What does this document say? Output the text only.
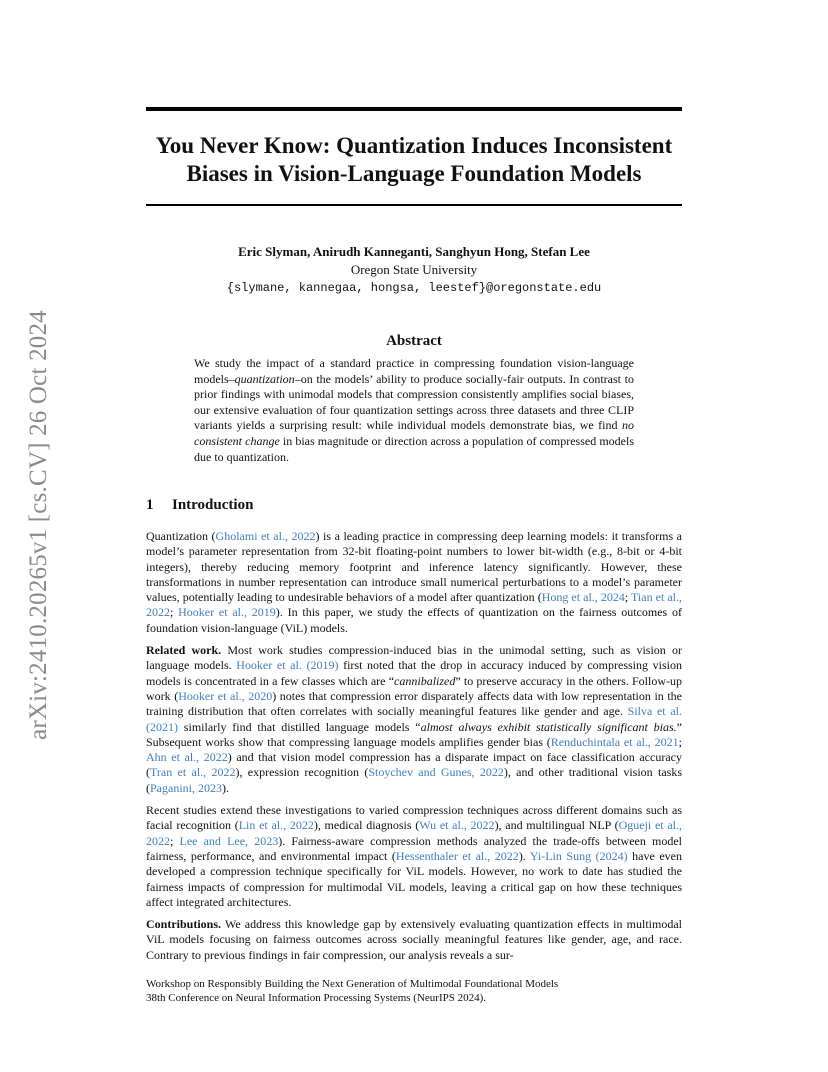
arXiv:2410.20265v1 [cs.CV] 26 Oct 2024
You Never Know: Quantization Induces Inconsistent
Biases in Vision-Language Foundation Models
Eric Slyman, Anirudh Kanneganti, Sanghyun Hong, Stefan Lee
Oregon State University
{slymane, kannegaa, hongsa, leestef}@oregonstate.edu
Abstract

We study the impact of a standard practice in compressing foundation vision-language models–quantization–on the models’ ability to produce socially-fair outputs. In contrast to prior findings with unimodal models that compression consistently amplifies social biases, our extensive evaluation of four quantization settings across three datasets and three CLIP variants yields a surprising result: while individual models demonstrate bias, we find no consistent change in bias magnitude or direction across a population of compressed models due to quantization.

1 Introduction

Quantization (Gholami et al., 2022) is a leading practice in compressing deep learning models: it transforms a model’s parameter representation from 32-bit floating-point numbers to lower bit-width (e.g., 8-bit or 4-bit integers), thereby reducing memory footprint and inference latency significantly. However, these transformations in number representation can introduce small numerical perturbations to a model’s parameter values, potentially leading to undesirable behaviors of a model after quantization (Hong et al., 2024; Tian et al., 2022; Hooker et al., 2019). In this paper, we study the effects of quantization on the fairness outcomes of foundation vision-language (ViL) models.

Related work. Most work studies compression-induced bias in the unimodal setting, such as vision or language models. Hooker et al. (2019) first noted that the drop in accuracy induced by compressing vision models is concentrated in a few classes which are “cannibalized” to preserve accuracy in the others. Follow-up work (Hooker et al., 2020) notes that compression error disparately affects data with low representation in the training distribution that often correlates with socially meaningful features like gender and age. Silva et al. (2021) similarly find that distilled language models “almost always exhibit statistically significant bias.” Subsequent works show that compressing language models amplifies gender bias (Renduchintala et al., 2021; Ahn et al., 2022) and that vision model compression has a disparate impact on face classification accuracy (Tran et al., 2022), expression recognition (Stoychev and Gunes, 2022), and other traditional vision tasks (Paganini, 2023).

Recent studies extend these investigations to varied compression techniques across different domains such as facial recognition (Lin et al., 2022), medical diagnosis (Wu et al., 2022), and multilingual NLP (Ogueji et al., 2022; Lee and Lee, 2023). Fairness-aware compression methods analyzed the trade-offs between model fairness, performance, and environmental impact (Hessenthaler et al., 2022). Yi-Lin Sung (2024) have even developed a compression technique specifically for ViL models. However, no work to date has studied the fairness impacts of compression for multimodal ViL models, leaving a critical gap on how these techniques affect integrated architectures.

Contributions. We address this knowledge gap by extensively evaluating quantization effects in multimodal ViL models focusing on fairness outcomes across socially meaningful features like gender, age, and race. Contrary to previous findings in fair compression, our analysis reveals a sur-

Workshop on Responsibly Building the Next Generation of Multimodal Foundational Models
38th Conference on Neural Information Processing Systems (NeurIPS 2024).
